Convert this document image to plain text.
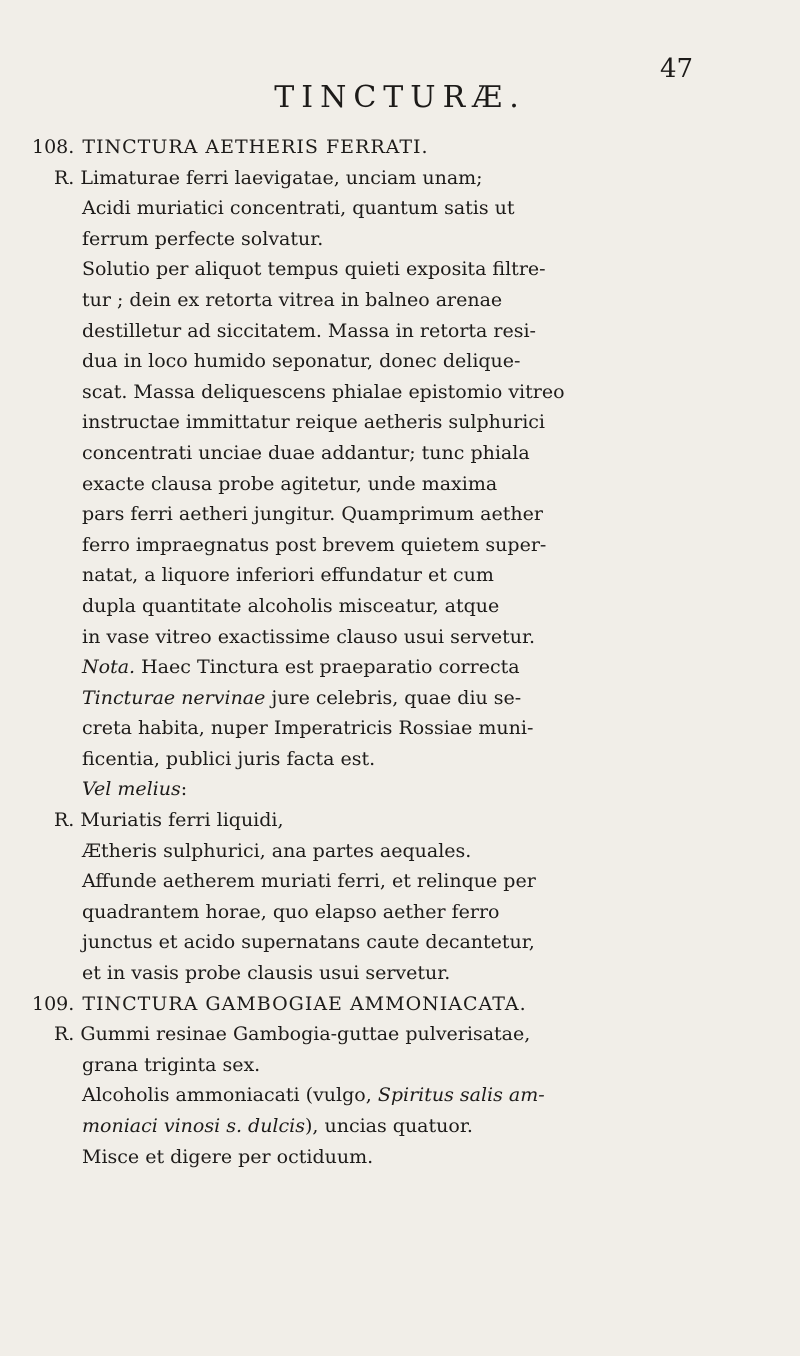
TINCTURÆ.
47
108. TINCTURA AETHERIS FERRATI.
R. Limaturae ferri laevigatae, unciam unam;
Acidi muriatici concentrati, quantum satis ut
ferrum perfecte solvatur.
Solutio per aliquot tempus quieti exposita filtre-
tur ; dein ex retorta vitrea in balneo arenae
destilletur ad siccitatem. Massa in retorta resi-
dua in loco humido seponatur, donec delique-
scat. Massa deliquescens phialae epistomio vitreo
instructae immittatur reique aetheris sulphurici
concentrati unciae duae addantur; tunc phiala
exacte clausa probe agitetur, unde maxima
pars ferri aetheri jungitur. Quamprimum aether
ferro impraegnatus post brevem quietem super-
natat, a liquore inferiori effundatur et cum
dupla quantitate alcoholis misceatur, atque
in vase vitreo exactissime clauso usui servetur.
Nota. Haec Tinctura est praeparatio correcta
Tincturae nervinae jure celebris, quae diu se-
creta habita, nuper Imperatricis Rossiae muni-
ficentia, publici juris facta est.
Vel melius:
R. Muriatis ferri liquidi,
Ætheris sulphurici, ana partes aequales.
Affunde aetherem muriati ferri, et relinque per
quadrantem horae, quo elapso aether ferro
junctus et acido supernatans caute decantetur,
et in vasis probe clausis usui servetur.
109. TINCTURA GAMBOGIAE AMMONIACATA.
R. Gummi resinae Gambogia-guttae pulverisatae,
grana triginta sex.
Alcoholis ammoniacati (vulgo, Spiritus salis am-
moniaci vinosi s. dulcis), uncias quatuor.
Misce et digere per octiduum.
